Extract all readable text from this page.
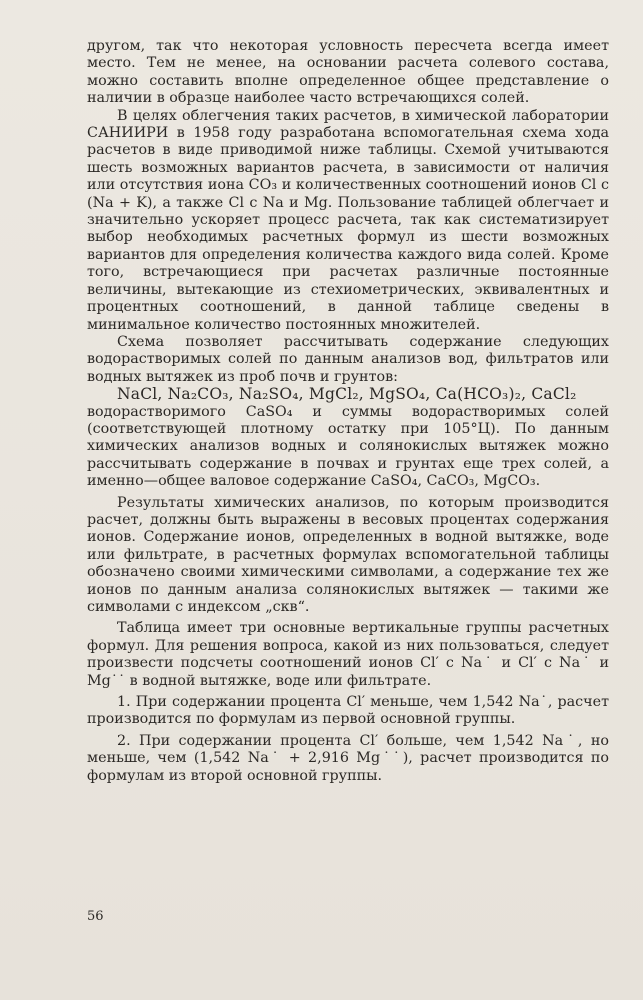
другом, так что некоторая условность пересчета всегда имеет место. Тем не менее, на основании расчета солевого состава, можно составить вполне определенное общее представление о наличии в образце наиболее часто встречающихся солей.

В целях облегчения таких расчетов, в химической лаборатории САНИИРИ в 1958 году разработана вспомогательная схема хода расчетов в виде приводимой ниже таблицы. Схемой учитываются шесть возможных вариантов расчета, в зависимости от наличия или отсутствия иона CO₃ и количественных соотношений ионов Cl с (Na + K), а также Cl с Na и Mg. Пользование таблицей облегчает и значительно ускоряет процесс расчета, так как систематизирует выбор необходимых расчетных формул из шести возможных вариантов для определения количества каждого вида солей. Кроме того, встречающиеся при расчетах различные постоянные величины, вытекающие из стехиометрических, эквивалентных и процентных соотношений, в данной таблице сведены в минимальное количество постоянных множителей.

Схема позволяет рассчитывать содержание следующих водорастворимых солей по данным анализов вод, фильтратов или водных вытяжек из проб почв и грунтов:

NaCl, Na₂CO₃, Na₂SO₄, MgCl₂, MgSO₄, Ca(HCO₃)₂, CaCl₂

водорастворимого CaSO₄ и суммы водорастворимых солей (соответствующей плотному остатку при 105°Ц). По данным химических анализов водных и солянокислых вытяжек можно рассчитывать содержание в почвах и грунтах еще трех солей, а именно—общее валовое содержание CaSO₄, CaCO₃, MgCO₃.

Результаты химических анализов, по которым производится расчет, должны быть выражены в весовых процентах содержания ионов. Содержание ионов, определенных в водной вытяжке, воде или фильтрате, в расчетных формулах вспомогательной таблицы обозначено своими химическими символами, а содержание тех же ионов по данным анализа солянокислых вытяжек — такими же символами с индексом „скв“.

Таблица имеет три основные вертикальные группы расчетных формул. Для решения вопроса, какой из них пользоваться, следует произвести подсчеты соотношений ионов Cl′ с Na˙ и Cl′ с Na˙ и Mg˙˙ в водной вытяжке, воде или фильтрате.

1. При содержании процента Cl′ меньше, чем 1,542 Na˙, расчет производится по формулам из первой основной группы.

2. При содержании процента Cl′ больше, чем 1,542 Na˙, но меньше, чем (1,542 Na˙ + 2,916 Mg˙˙), расчет производится по формулам из второй основной группы.

56
